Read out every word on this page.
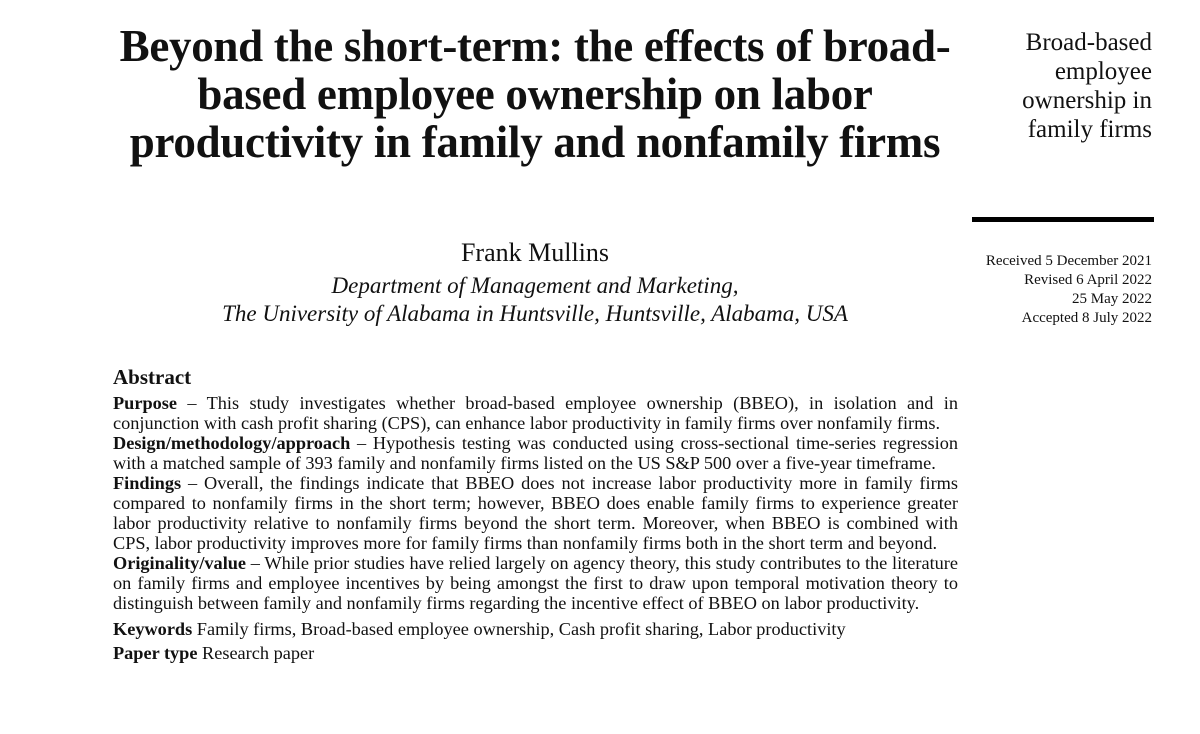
Beyond the short-term: the effects of broad-based employee ownership on labor productivity in family and nonfamily firms
Frank Mullins
Department of Management and Marketing,
The University of Alabama in Huntsville, Huntsville, Alabama, USA
Broad-based employee ownership in family firms
Received 5 December 2021
Revised 6 April 2022
25 May 2022
Accepted 8 July 2022
Abstract

Purpose – This study investigates whether broad-based employee ownership (BBEO), in isolation and in conjunction with cash profit sharing (CPS), can enhance labor productivity in family firms over nonfamily firms.

Design/methodology/approach – Hypothesis testing was conducted using cross-sectional time-series regression with a matched sample of 393 family and nonfamily firms listed on the US S&P 500 over a five-year timeframe.

Findings – Overall, the findings indicate that BBEO does not increase labor productivity more in family firms compared to nonfamily firms in the short term; however, BBEO does enable family firms to experience greater labor productivity relative to nonfamily firms beyond the short term. Moreover, when BBEO is combined with CPS, labor productivity improves more for family firms than nonfamily firms both in the short term and beyond.

Originality/value – While prior studies have relied largely on agency theory, this study contributes to the literature on family firms and employee incentives by being amongst the first to draw upon temporal motivation theory to distinguish between family and nonfamily firms regarding the incentive effect of BBEO on labor productivity.

Keywords Family firms, Broad-based employee ownership, Cash profit sharing, Labor productivity

Paper type Research paper
